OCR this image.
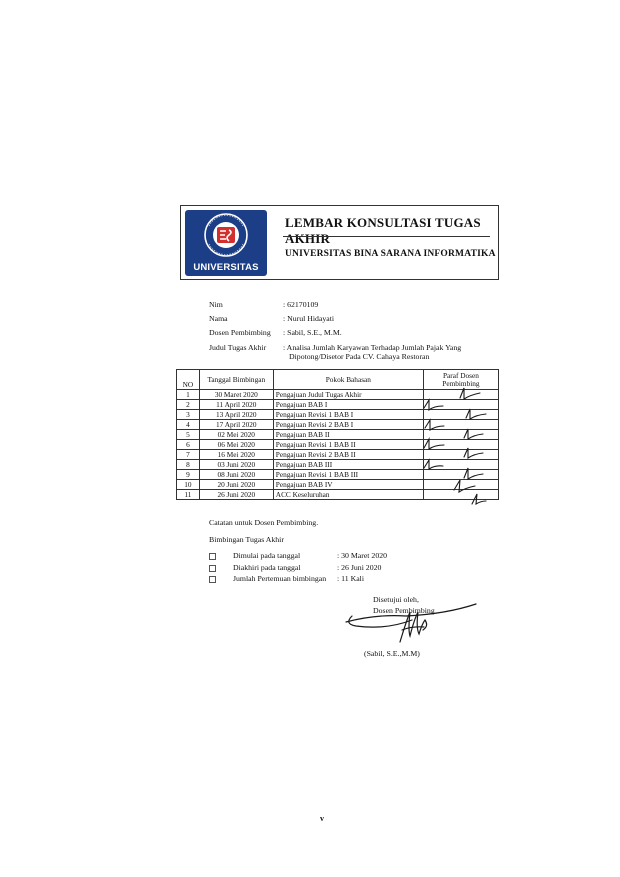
UNIVERSITAS
LEMBAR KONSULTASI TUGAS AKHIR
UNIVERSITAS BINA SARANA INFORMATIKA
Nim	: 62170109
Nama	: Nurul Hidayati
Dosen Pembimbing : Sabil, S.E., M.M.
Judul Tugas Akhir : Analisa Jumlah Karyawan Terhadap Jumlah Pajak Yang
Dipotong/Disetor Pada CV. Cahaya Restoran
NO	Tanggal Bimbingan	Pokok Bahasan	Paraf Dosen Pembimbing
1	30 Maret 2020	Pengajuan Judul Tugas Akhir	
2	11 April 2020	Pengajuan BAB I	
3	13 April 2020	Pengajuan Revisi 1 BAB I	
4	17 April 2020	Pengajuan Revisi 2 BAB I	
5	02 Mei 2020	Pengajuan BAB II	
6	06 Mei 2020	Pengajuan Revisi 1 BAB II	
7	16 Mei 2020	Pengajuan Revisi 2 BAB II	
8	03 Juni 2020	Pengajuan BAB III	
9	08 Juni 2020	Pengajuan Revisi 1 BAB III	
10	20 Juni 2020	Pengajuan BAB IV	
11	26 Juni 2020	ACC Keseluruhan	
Catatan untuk Dosen Pembimbing.
Bimbingan Tugas Akhir
Dimulai pada tanggal	: 30 Maret 2020
Diakhiri pada tanggal	: 26 Juni 2020
Jumlah Pertemuan bimbingan : 11 Kali
Disetujui oleh,
Dosen Pembimbing
(Sabil, S.E.,M.M)
v
